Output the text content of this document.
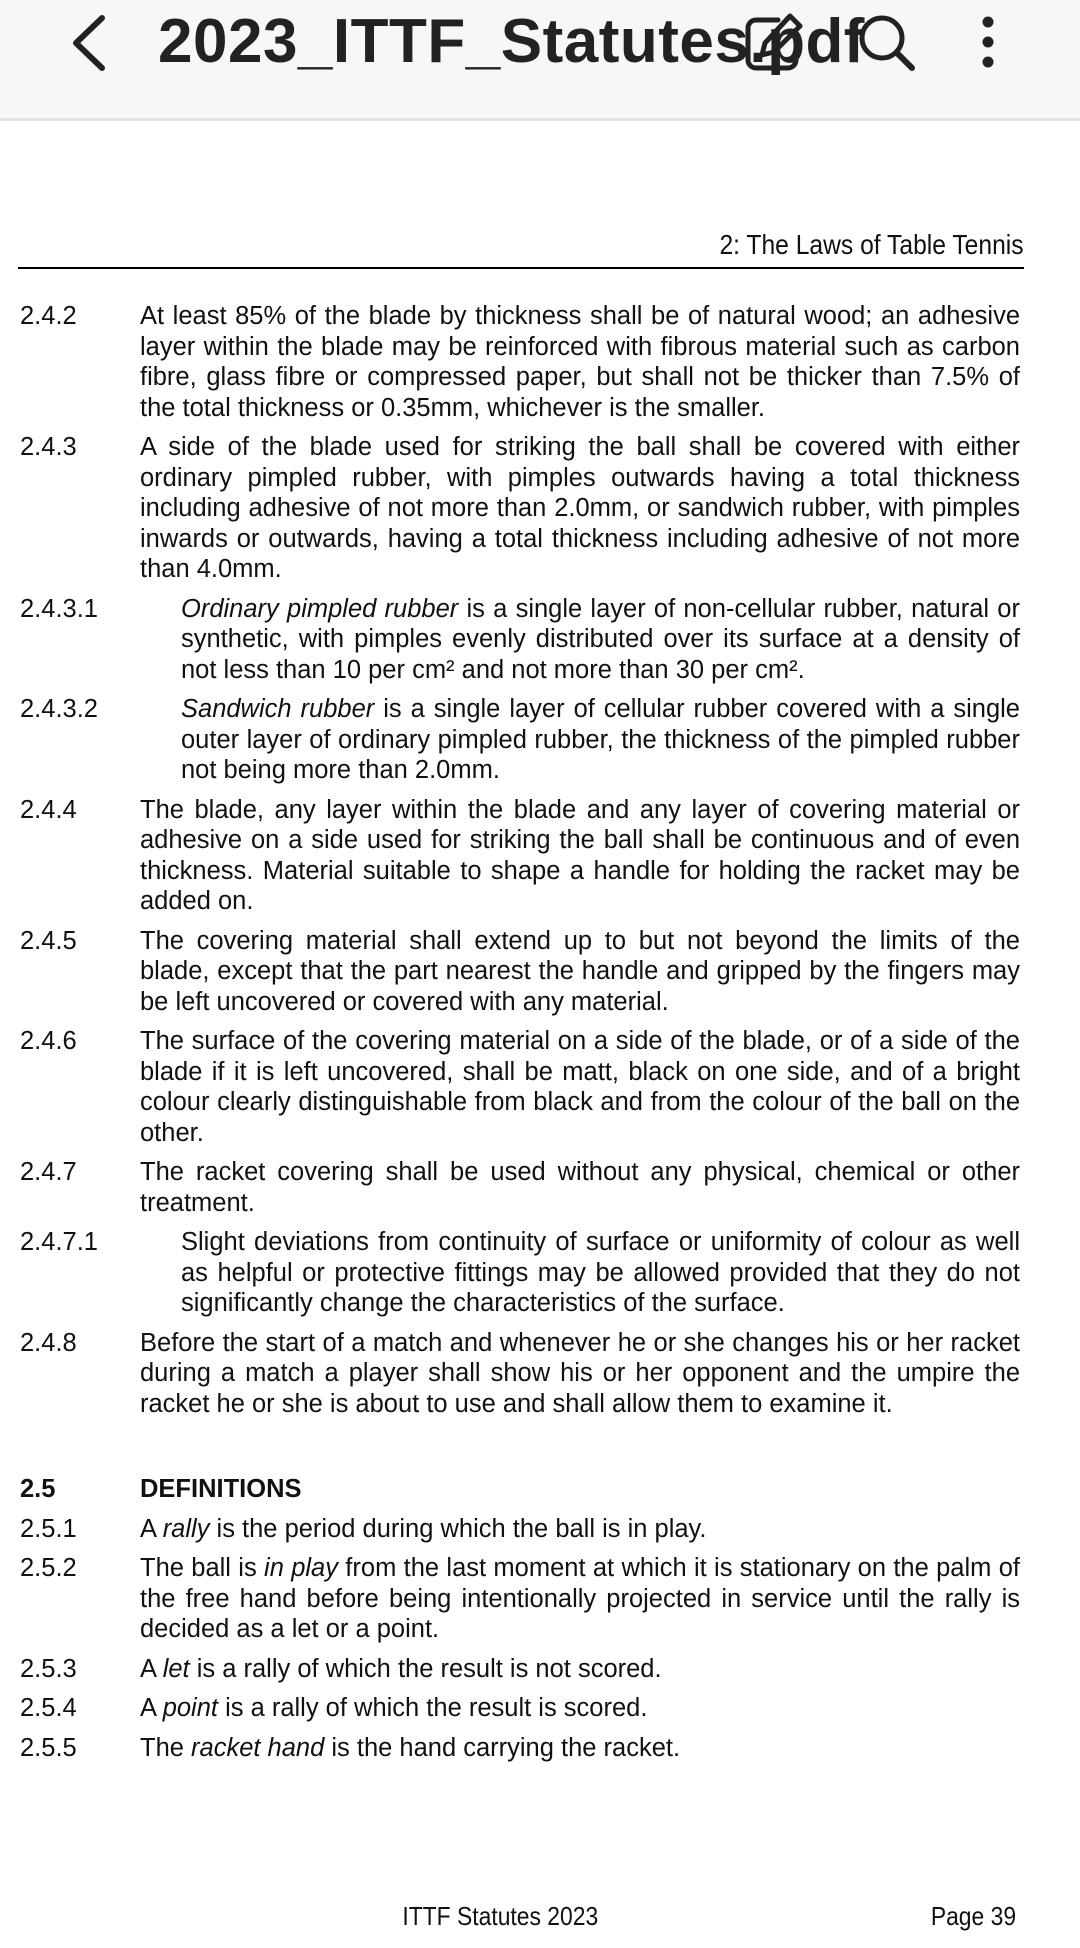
2023_ITTF_Statutes.pdf
2: The Laws of Table Tennis
2.4.2	At least 85% of the blade by thickness shall be of natural wood; an adhesive layer within the blade may be reinforced with fibrous material such as carbon fibre, glass fibre or compressed paper, but shall not be thicker than 7.5% of the total thickness or 0.35mm, whichever is the smaller.
2.4.3	A side of the blade used for striking the ball shall be covered with either ordinary pimpled rubber, with pimples outwards having a total thickness including adhesive of not more than 2.0mm, or sandwich rubber, with pimples inwards or outwards, having a total thickness including adhesive of not more than 4.0mm.
2.4.3.1	Ordinary pimpled rubber is a single layer of non-cellular rubber, natural or synthetic, with pimples evenly distributed over its surface at a density of not less than 10 per cm² and not more than 30 per cm².
2.4.3.2	Sandwich rubber is a single layer of cellular rubber covered with a single outer layer of ordinary pimpled rubber, the thickness of the pimpled rubber not being more than 2.0mm.
2.4.4	The blade, any layer within the blade and any layer of covering material or adhesive on a side used for striking the ball shall be continuous and of even thickness. Material suitable to shape a handle for holding the racket may be added on.
2.4.5	The covering material shall extend up to but not beyond the limits of the blade, except that the part nearest the handle and gripped by the fingers may be left uncovered or covered with any material.
2.4.6	The surface of the covering material on a side of the blade, or of a side of the blade if it is left uncovered, shall be matt, black on one side, and of a bright colour clearly distinguishable from black and from the colour of the ball on the other.
2.4.7	The racket covering shall be used without any physical, chemical or other treatment.
2.4.7.1	Slight deviations from continuity of surface or uniformity of colour as well as helpful or protective fittings may be allowed provided that they do not significantly change the characteristics of the surface.
2.4.8	Before the start of a match and whenever he or she changes his or her racket during a match a player shall show his or her opponent and the umpire the racket he or she is about to use and shall allow them to examine it.
2.5	DEFINITIONS
2.5.1	A rally is the period during which the ball is in play.
2.5.2	The ball is in play from the last moment at which it is stationary on the palm of the free hand before being intentionally projected in service until the rally is decided as a let or a point.
2.5.3	A let is a rally of which the result is not scored.
2.5.4	A point is a rally of which the result is scored.
2.5.5	The racket hand is the hand carrying the racket.
ITTF Statutes 2023	Page 39
